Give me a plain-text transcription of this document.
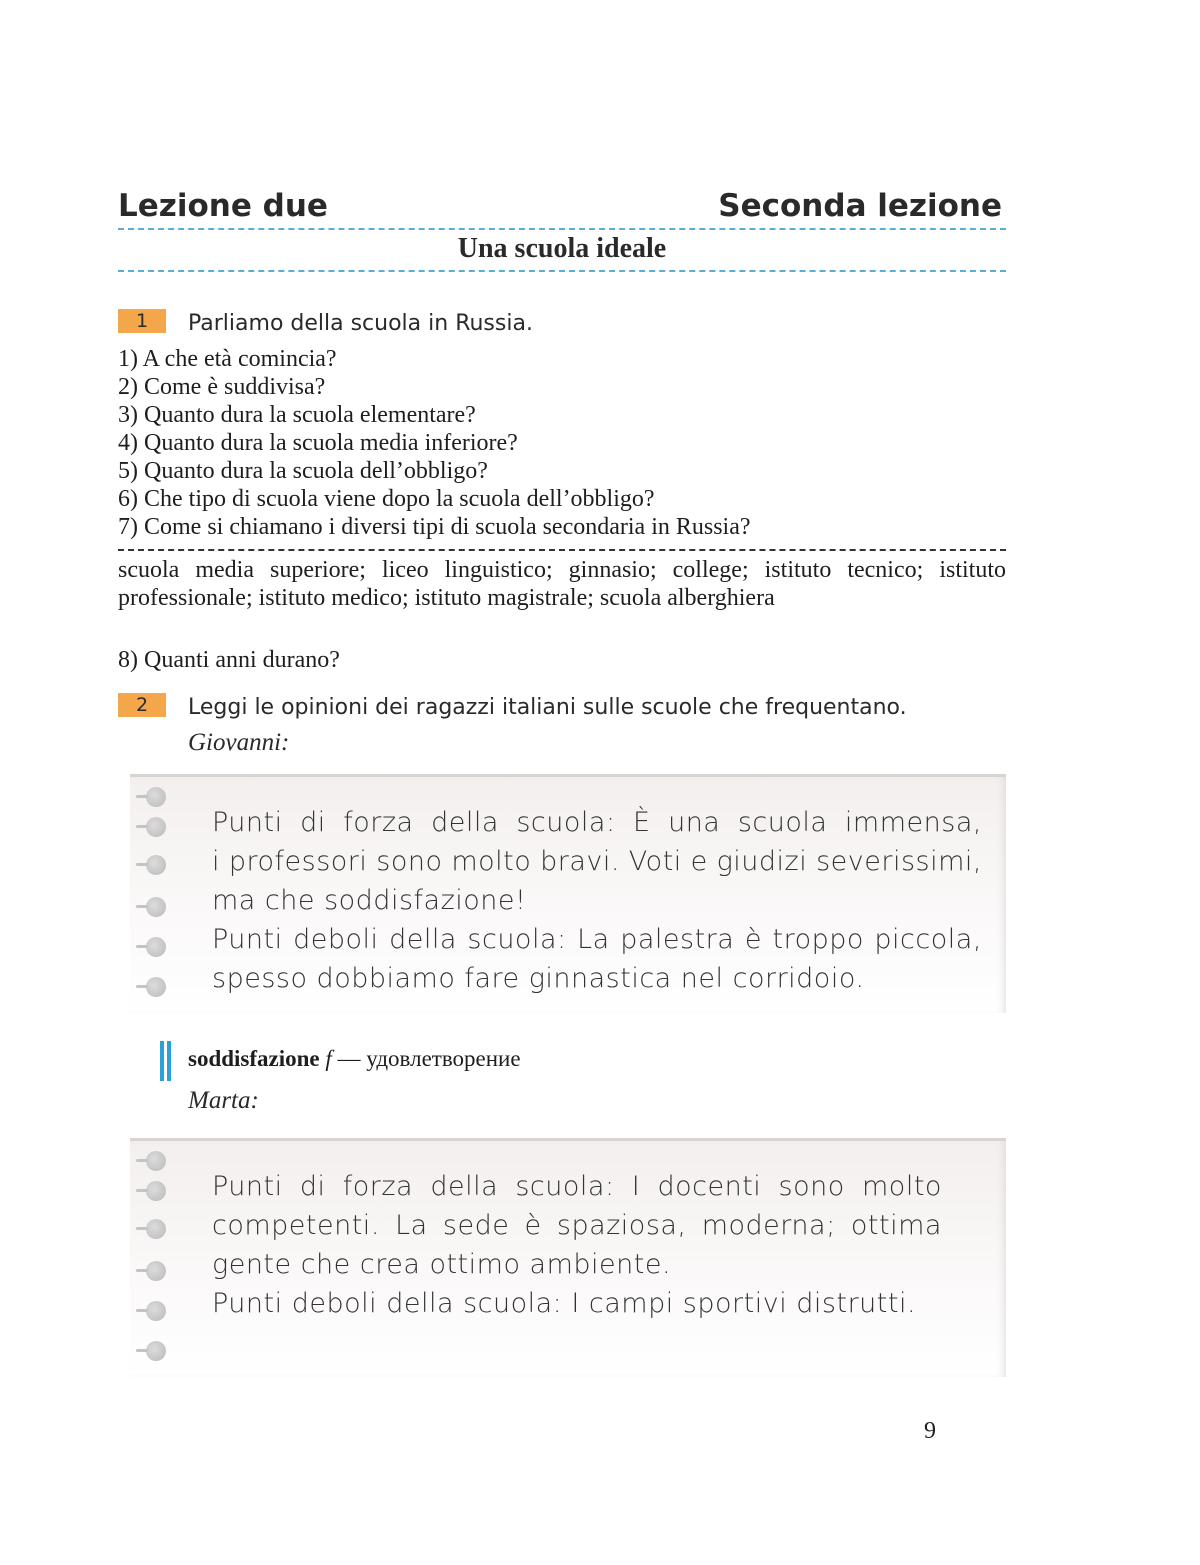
Lezione due	Seconda lezione
Una scuola ideale
1	Parliamo della scuola in Russia.
1) A che età comincia?
2) Come è suddivisa?
3) Quanto dura la scuola elementare?
4) Quanto dura la scuola media inferiore?
5) Quanto dura la scuola dell’obbligo?
6) Che tipo di scuola viene dopo la scuola dell’obbligo?
7) Come si chiamano i diversi tipi di scuola secondaria in Russia?
scuola media superiore; liceo linguistico; ginnasio; college; istituto tecnico; istituto professionale; istituto medico; istituto magistrale; scuola alberghiera
8) Quanti anni durano?
2	Leggi le opinioni dei ragazzi italiani sulle scuole che frequentano.
Giovanni:
Punti di forza della scuola: È una scuola immensa,
i professori sono molto bravi. Voti e giudizi severissimi,
ma che soddisfazione!
Punti deboli della scuola: La palestra è troppo piccola,
spesso dobbiamo fare ginnastica nel corridoio.
soddisfazione f — удовлетворение
Marta:
Punti di forza della scuola: I docenti sono molto
competenti. La sede è spaziosa, moderna; ottima
gente che crea ottimo ambiente.
Punti deboli della scuola: I campi sportivi distrutti.
9
